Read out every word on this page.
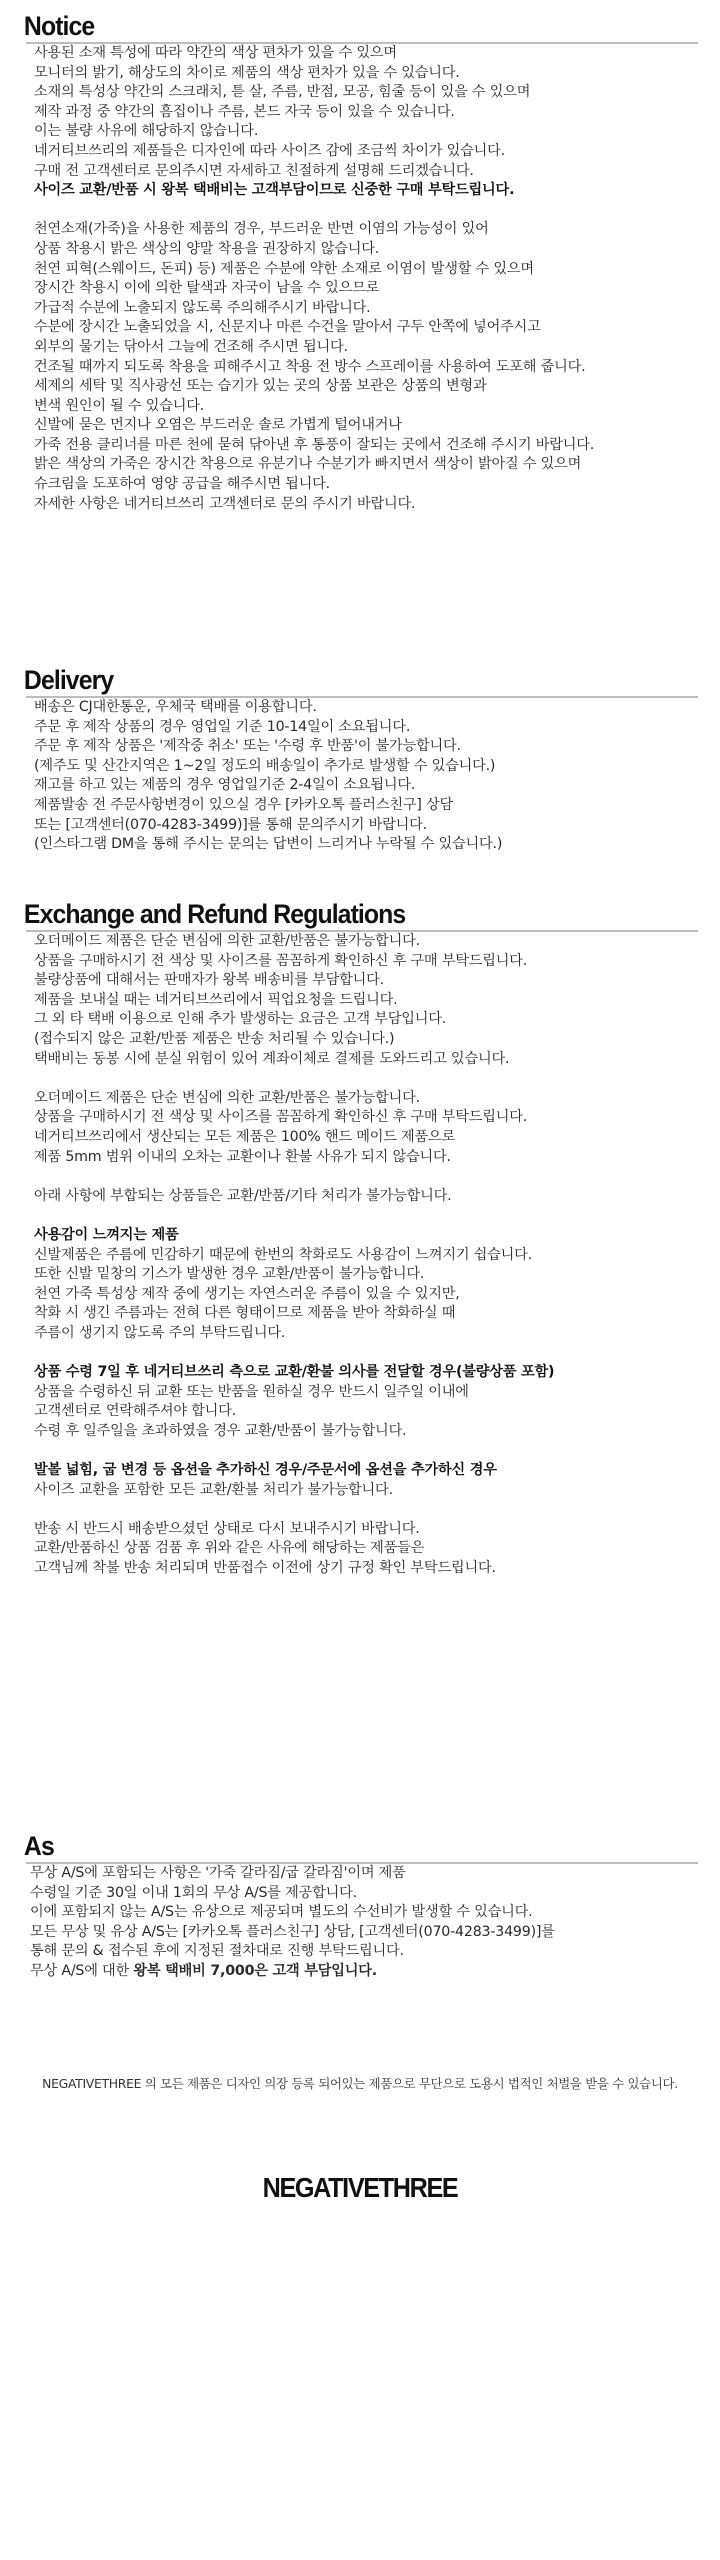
Notice

사용된 소재 특성에 따라 약간의 색상 편차가 있을 수 있으며

모니터의 밝기, 해상도의 차이로 제품의 색상 편차가 있을 수 있습니다.

소재의 특성상 약간의 스크래치, 튿 살, 주름, 반점, 모공, 힘줄 등이 있을 수 있으며

제작 과정 중 약간의 흠집이나 주름, 본드 자국 등이 있을 수 있습니다.

이는 불량 사유에 해당하지 않습니다.

네거티브쓰리의 제품들은 디자인에 따라 사이즈 감에 조금씩 차이가 있습니다.

구매 전 고객센터로 문의주시면 자세하고 친절하게 설명해 드리겠습니다.

사이즈 교환/반품 시 왕복 택배비는 고객부담이므로 신중한 구매 부탁드립니다.

천연소재(가죽)을 사용한 제품의 경우, 부드러운 반면 이염의 가능성이 있어

상품 착용시 밝은 색상의 양말 착용을 권장하지 않습니다.

천연 피혁(스웨이드, 돈피) 등) 제품은 수분에 약한 소재로 이염이 발생할 수 있으며

장시간 착용시 이에 의한 탈색과 자국이 남을 수 있으므로

가급적 수분에 노출되지 않도록 주의해주시기 바랍니다.

수분에 장시간 노출되었을 시, 신문지나 마른 수건을 말아서 구두 안쪽에 넣어주시고

외부의 물기는 닦아서 그늘에 건조해 주시면 됩니다.

건조될 때까지 되도록 착용을 피해주시고 착용 전 방수 스프레이를 사용하여 도포해 줍니다.

세제의 세탁 및 직사광선 또는 습기가 있는 곳의 상품 보관은 상품의 변형과

변색 원인이 될 수 있습니다.

신발에 묻은 먼지나 오염은 부드러운 솔로 가볍게 털어내거나

가죽 전용 클리너를 마른 천에 묻혀 닦아낸 후 통풍이 잘되는 곳에서 건조해 주시기 바랍니다.

밝은 색상의 가죽은 장시간 착용으로 유분기나 수분기가 빠지면서 색상이 밝아질 수 있으며

슈크림을 도포하여 영양 공급을 해주시면 됩니다.

자세한 사항은 네거티브쓰리 고객센터로 문의 주시기 바랍니다.

Delivery

배송은 CJ대한통운, 우체국 택배를 이용합니다.

주문 후 제작 상품의 경우 영업일 기준 10-14일이 소요됩니다.

주문 후 제작 상품은 '제작중 취소' 또는 '수령 후 반품'이 불가능합니다.

(제주도 및 산간지역은 1~2일 정도의 배송일이 추가로 발생할 수 있습니다.)

재고를 하고 있는 제품의 경우 영업일기준 2-4일이 소요됩니다.

제품발송 전 주문사항변경이 있으실 경우 [카카오톡 플러스친구] 상담

또는 [고객센터(070-4283-3499)]를 통해 문의주시기 바랍니다.

(인스타그램 DM을 통해 주시는 문의는 답변이 느리거나 누락될 수 있습니다.)

Exchange and Refund Regulations

오더메이드 제품은 단순 변심에 의한 교환/반품은 불가능합니다.

상품을 구매하시기 전 색상 및 사이즈를 꼼꼼하게 확인하신 후 구매 부탁드립니다.

불량상품에 대해서는 판매자가 왕복 배송비를 부담합니다.

제품을 보내실 때는 네거티브쓰리에서 픽업요청을 드립니다.

그 외 타 택배 이용으로 인해 추가 발생하는 요금은 고객 부담입니다.

(접수되지 않은 교환/반품 제품은 반송 처리될 수 있습니다.)

택배비는 동봉 시에 분실 위험이 있어 계좌이체로 결제를 도와드리고 있습니다.

오더메이드 제품은 단순 변심에 의한 교환/반품은 불가능합니다.

상품을 구매하시기 전 색상 및 사이즈를 꼼꼼하게 확인하신 후 구매 부탁드립니다.

네거티브쓰리에서 생산되는 모든 제품은 100% 핸드 메이드 제품으로

제품 5mm 범위 이내의 오차는 교환이나 환불 사유가 되지 않습니다.

아래 사항에 부합되는 상품들은 교환/반품/기타 처리가 불가능합니다.

사용감이 느껴지는 제품

신발제품은 주름에 민감하기 때문에 한번의 착화로도 사용감이 느껴지기 쉽습니다.

또한 신발 밑창의 기스가 발생한 경우 교환/반품이 불가능합니다.

천연 가죽 특성상 제작 중에 생기는 자연스러운 주름이 있을 수 있지만,

착화 시 생긴 주름과는 전혀 다른 형태이므로 제품을 받아 착화하실 때

주름이 생기지 않도록 주의 부탁드립니다.

상품 수령 7일 후 네거티브쓰리 측으로 교환/환불 의사를 전달할 경우(불량상품 포함)

상품을 수령하신 뒤 교환 또는 반품을 원하실 경우 반드시 일주일 이내에

고객센터로 연락해주셔야 합니다.

수령 후 일주일을 초과하였을 경우 교환/반품이 불가능합니다.

발볼 넓힘, 굽 변경 등 옵션을 추가하신 경우/주문서에 옵션을 추가하신 경우

사이즈 교환을 포함한 모든 교환/환불 처리가 불가능합니다.

반송 시 반드시 배송받으셨던 상태로 다시 보내주시기 바랍니다.

교환/반품하신 상품 검품 후 위와 같은 사유에 해당하는 제품들은

고객님께 착불 반송 처리되며 반품접수 이전에 상기 규정 확인 부탁드립니다.

As

무상 A/S에 포함되는 사항은 '가죽 갈라짐/굽 갈라짐'이며 제품

수령일 기준 30일 이내 1회의 무상 A/S를 제공합니다.

이에 포함되지 않는 A/S는 유상으로 제공되며 별도의 수선비가 발생할 수 있습니다.

모든 무상 및 유상 A/S는 [카카오톡 플러스친구] 상담, [고객센터(070-4283-3499)]를

통해 문의 & 접수된 후에 지정된 절차대로 진행 부탁드립니다.

무상 A/S에 대한 왕복 택배비 7,000은 고객 부담입니다.

NEGATIVETHREE 의 모든 제품은 디자인 의장 등록 되어있는 제품으로 무단으로 도용시 법적인 처벌을 받을 수 있습니다.
NEGATIVETHREE
